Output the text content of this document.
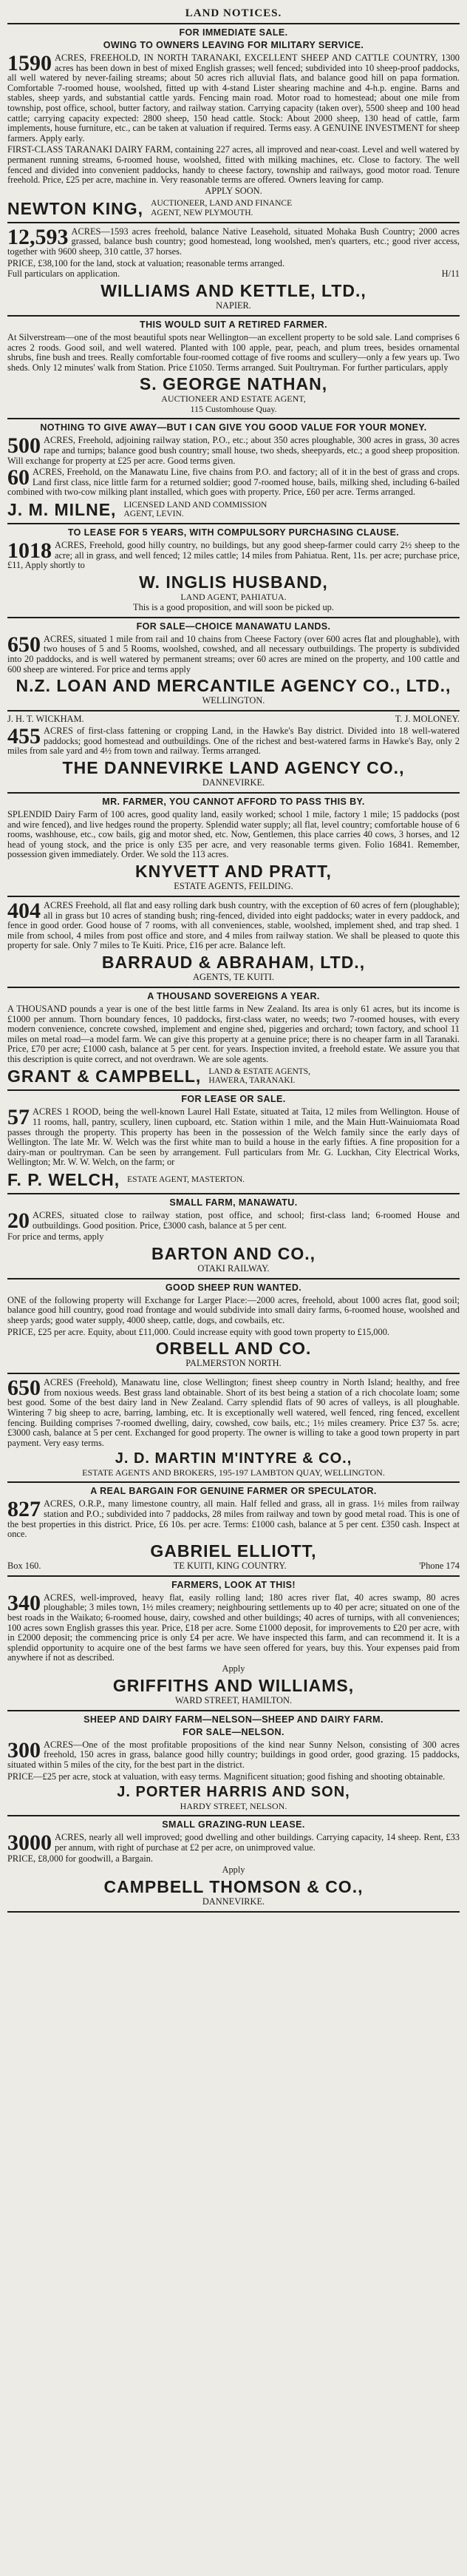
LAND NOTICES.
FOR IMMEDIATE SALE.
OWING TO OWNERS LEAVING FOR MILITARY SERVICE.
1590 ACRES, FREEHOLD, IN NORTH TARANAKI, EXCELLENT SHEEP AND CATTLE COUNTRY, 1300 acres has been down in best of mixed English grasses; well fenced; subdivided into 10 sheep-proof paddocks, all well watered by never-failing streams; about 50 acres rich alluvial flats, and balance good hill on papa formation. Comfortable 7-roomed house, woolshed, fitted up with 4-stand Lister shearing machine and 4-h.p. engine. Barns and stables, sheep yards, and substantial cattle yards. Fencing main road. Motor road to homestead; about one mile from township, post office, school, butter factory, and railway station. Carrying capacity (taken over), 5500 sheep and 100 head cattle; carrying capacity expected: 2800 sheep, 150 head cattle. Stock: About 2000 sheep, 130 head of cattle, farm implements, house furniture, etc., can be taken at valuation if required. Terms easy. A GENUINE INVESTMENT for sheep farmers. Apply early.
FIRST-CLASS TARANAKI DAIRY FARM, containing 227 acres, all improved and near-coast. Level and well watered by permanent running streams, 6-roomed house, woolshed, fitted with milking machines, etc. Close to factory. The well fenced and divided into convenient paddocks, handy to cheese factory, township and railways, good motor road. Tenure freehold. Price, £25 per acre, machine in. Very reasonable terms are offered. Owners leaving for camp.
APPLY SOON.
NEWTON KING, AUCTIONEER, LAND AND FINANCE
AGENT, NEW PLYMOUTH.
12,593 ACRES—1593 acres freehold, balance Native Leasehold, situated Mohaka Bush Country; 2000 acres grassed, balance bush country; good homestead, long woolshed, men's quarters, etc.; good river access, together with 9600 sheep, 310 cattle, 37 horses.
PRICE, £38,100 for the land, stock at valuation; reasonable terms arranged.
Full particulars on application.	H/11
WILLIAMS AND KETTLE, LTD.,
NAPIER.
THIS WOULD SUIT A RETIRED FARMER.
At Silverstream—one of the most beautiful spots near Wellington—an excellent property to be sold sale. Land comprises 6 acres 2 roods. Good soil, and well watered. Planted with 100 apple, pear, peach, and plum trees, besides ornamental shrubs, fine bush and trees. Really comfortable four-roomed cottage of five rooms and scullery—only a few years up. Two sheds. Only 12 minutes' walk from Station. Price £1050. Terms arranged. Suit Poultryman. For further particulars, apply
S. GEORGE NATHAN,
AUCTIONEER AND ESTATE AGENT,
115 Customhouse Quay.
NOTHING TO GIVE AWAY—BUT I CAN GIVE YOU GOOD VALUE FOR YOUR MONEY.
500 ACRES, Freehold, adjoining railway station, P.O., etc.; about 350 acres ploughable, 300 acres in grass, 30 acres rape and turnips; balance good bush country; small house, two sheds, sheepyards, etc.; a good sheep proposition. Will exchange for property at £25 per acre. Good terms given.
60 ACRES, Freehold, on the Manawatu Line, five chains from P.O. and factory; all of it in the best of grass and crops. Land first class, nice little farm for a returned soldier; good 7-roomed house, bails, milking shed, including 6-bailed combined with two-cow milking plant installed, which goes with property. Price, £60 per acre. Terms arranged.
J. M. MILNE, LICENSED LAND AND COMMISSION
AGENT, LEVIN.
TO LEASE FOR 5 YEARS, WITH COMPULSORY PURCHASING CLAUSE.
1018 ACRES, Freehold, good hilly country, no buildings, but any good sheep-farmer could carry 2½ sheep to the acre; all in grass, and well fenced; 12 miles cattle; 14 miles from Pahiatua. Rent, 11s. per acre; purchase price, £11, Apply shortly to
W. INGLIS HUSBAND,
LAND AGENT, PAHIATUA.
This is a good proposition, and will soon be picked up.
FOR SALE—CHOICE MANAWATU LANDS.
650 ACRES, situated 1 mile from rail and 10 chains from Cheese Factory (over 600 acres flat and ploughable), with two houses of 5 and 5 Rooms, woolshed, cowshed, and all necessary outbuildings. The property is subdivided into 20 paddocks, and is well watered by permanent streams; over 60 acres are mined on the property, and 100 cattle and 600 sheep are wintered. For price and terms apply
N.Z. LOAN AND MERCANTILE AGENCY CO., LTD.,
WELLINGTON.
J. H. T. WICKHAM.	T. J. MOLONEY.
455 ACRES of first-class fattening or cropping Land, in the Hawke's Bay district. Divided into 18 well-watered paddocks; good homestead and outbuildings. One of the richest and best-watered farms in Hawke's Bay, only 2 miles from sale yard and 4½ from town and railway. Terms arranged.
THE DANNEVIRKE LAND AGENCY CO.,
DANNEVIRKE.
MR. FARMER, YOU CANNOT AFFORD TO PASS THIS BY.
SPLENDID Dairy Farm of 100 acres, good quality land, easily worked; school 1 mile, factory 1 mile; 15 paddocks (post and wire fenced), and live hedges round the property. Splendid water supply; all flat, level country; comfortable house of 6 rooms, washhouse, etc., cow bails, gig and motor shed, etc. Now, Gentlemen, this place carries 40 cows, 3 horses, and 12 head of young stock, and the price is only £35 per acre, and very reasonable terms given. Folio 16841. Remember, possession given immediately. Order. We sold the 113 acres.
KNYVETT AND PRATT,
ESTATE AGENTS, FEILDING.
404 ACRES Freehold, all flat and easy rolling dark bush country, with the exception of 60 acres of fern (ploughable); all in grass but 10 acres of standing bush; ring-fenced, divided into eight paddocks; water in every paddock, and fence in good order. Good house of 7 rooms, with all conveniences, stable, woolshed, implement shed, and trap shed. 1 mile from school, 4 miles from post office and store, and 4 miles from railway station. We shall be pleased to quote this property for sale. Only 7 miles to Te Kuiti. Price, £16 per acre. Balance left.
BARRAUD & ABRAHAM, LTD.,
AGENTS, TE KUITI.
A THOUSAND SOVEREIGNS A YEAR.
A THOUSAND pounds a year is one of the best little farms in New Zealand. Its area is only 61 acres, but its income is £1000 per annum. Thorn boundary fences, 10 paddocks, first-class water, no weeds; two 7-roomed houses, with every modern convenience, concrete cowshed, implement and engine shed, piggeries and orchard; town factory, and school 11 miles on metal road—a model farm. We can give this property at a genuine price; there is no cheaper farm in all Taranaki. Price, £70 per acre; £1000 cash, balance at 5 per cent. for years. Inspection invited, a freehold estate. We assure you that this description is quite correct, and not overdrawn. We are sole agents.
GRANT & CAMPBELL, LAND & ESTATE AGENTS,
HAWERA, TARANAKI.
FOR LEASE OR SALE.
57 ACRES 1 ROOD, being the well-known Laurel Hall Estate, situated at Taita, 12 miles from Wellington. House of 11 rooms, hall, pantry, scullery, linen cupboard, etc. Station within 1 mile, and the Main Hutt-Wainuiomata Road passes through the property. This property has been in the possession of the Welch family since the early days of Wellington. The late Mr. W. Welch was the first white man to build a house in the early fifties. A fine proposition for a dairy-man or poultryman. Can be seen by arrangement. Full particulars from Mr. G. Luckhan, City Electrical Works, Wellington; Mr. W. W. Welch, on the farm; or
F. P. WELCH, ESTATE AGENT, MASTERTON.
SMALL FARM, MANAWATU.
20 ACRES, situated close to railway station, post office, and school; first-class land; 6-roomed House and outbuildings. Good position. Price, £3000 cash, balance at 5 per cent.
For price and terms, apply
BARTON AND CO.,
OTAKI RAILWAY.
GOOD SHEEP RUN WANTED.
ONE of the following property will Exchange for Larger Place:—2000 acres, freehold, about 1000 acres flat, good soil; balance good hill country, good road frontage and would subdivide into small dairy farms, 6-roomed house, woolshed and sheep yards; good water supply, 4000 sheep, cattle, dogs, and cowbails, etc.
PRICE, £25 per acre. Equity, about £11,000. Could increase equity with good town property to £15,000.
ORBELL AND CO.
PALMERSTON NORTH.
650 ACRES (Freehold), Manawatu line, close Wellington; finest sheep country in North Island; healthy, and free from noxious weeds. Best grass land obtainable. Short of its best being a station of a rich chocolate loam; some best good. Some of the best dairy land in New Zealand. Carry splendid flats of 90 acres of valleys, is all ploughable. Wintering 7 big sheep to acre, barring, lambing, etc. It is exceptionally well watered, well fenced, ring fenced, excellent fencing. Building comprises 7-roomed dwelling, dairy, cowshed, cow bails, etc.; 1½ miles creamery. Price £37 5s. acre; £3000 cash, balance at 5 per cent. Exchanged for good property. The owner is willing to take a good town property in part payment. Very easy terms.
J. D. MARTIN M'INTYRE & CO.,
ESTATE AGENTS AND BROKERS, 195-197 LAMBTON QUAY, WELLINGTON.
A REAL BARGAIN FOR GENUINE FARMER OR SPECULATOR.
827 ACRES, O.R.P., many limestone country, all main. Half felled and grass, all in grass. 1½ miles from railway station and P.O.; subdivided into 7 paddocks, 28 miles from railway and town by good metal road. This is one of the best properties in this district. Price, £6 10s. per acre. Terms: £1000 cash, balance at 5 per cent. £350 cash. Inspect at once.
GABRIEL ELLIOTT,
Box 160.	TE KUITI, KING COUNTRY.	'Phone 174
FARMERS, LOOK AT THIS!
340 ACRES, well-improved, heavy flat, easily rolling land; 180 acres river flat, 40 acres swamp, 80 acres ploughable; 3 miles town, 1½ miles creamery; neighbouring settlements up to 40 per acre; situated on one of the best roads in the Waikato; 6-roomed house, dairy, cowshed and other buildings; 40 acres of turnips, with all conveniences; 100 acres sown English grasses this year. Price, £18 per acre. Some £1000 deposit, for improvements to £20 per acre, with in £2000 deposit; the commencing price is only £4 per acre. We have inspected this farm, and can recommend it. It is a splendid opportunity to acquire one of the best farms we have seen offered for years, buy this. Your expenses paid from anywhere if not as described.
Apply
GRIFFITHS AND WILLIAMS,
WARD STREET, HAMILTON.
SHEEP AND DAIRY FARM—NELSON—SHEEP AND DAIRY FARM.
FOR SALE—NELSON.
300 ACRES—One of the most profitable propositions of the kind near Sunny Nelson, consisting of 300 acres freehold, 150 acres in grass, balance good hilly country; buildings in good order, good grazing. 15 paddocks, situated within 5 miles of the city, for the best part in the district.
PRICE—£25 per acre, stock at valuation, with easy terms. Magnificent situation; good fishing and shooting obtainable.
J. PORTER HARRIS AND SON,
HARDY STREET, NELSON.
SMALL GRAZING-RUN LEASE.
3000 ACRES, nearly all well improved; good dwelling and other buildings. Carrying capacity, 14 sheep. Rent, £33 per annum, with right of purchase at £2 per acre, on unimproved value.
PRICE, £8,000 for goodwill, a Bargain.
Apply
CAMPBELL THOMSON & CO.,
DANNEVIRKE.
